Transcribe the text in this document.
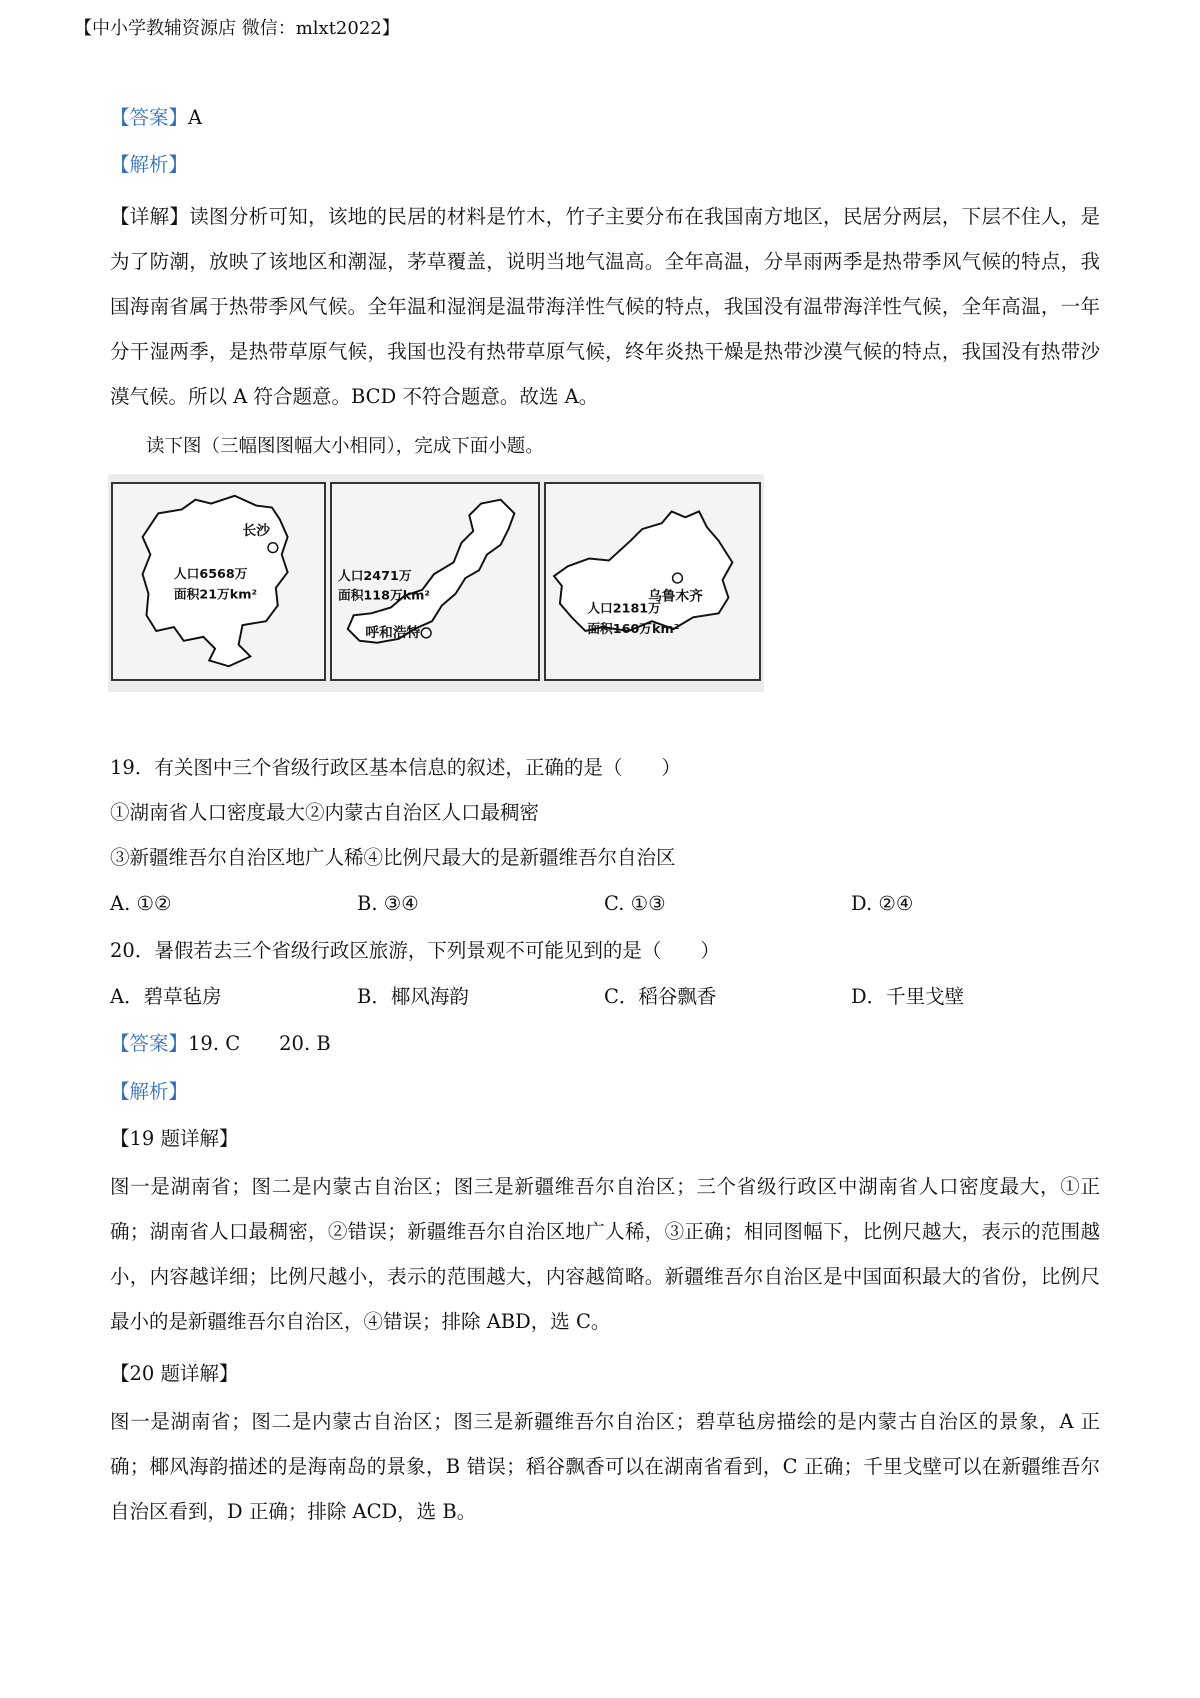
【中小学教辅资源店 微信：mlxt2022】
【答案】A
【解析】
【详解】读图分析可知，该地的民居的材料是竹木，竹子主要分布在我国南方地区，民居分两层，下层不住人，是为了防潮，放映了该地区和潮湿，茅草覆盖，说明当地气温高。全年高温，分旱雨两季是热带季风气候的特点，我国海南省属于热带季风气候。全年温和湿润是温带海洋性气候的特点，我国没有温带海洋性气候，全年高温，一年分干湿两季，是热带草原气候，我国也没有热带草原气候，终年炎热干燥是热带沙漠气候的特点，我国没有热带沙漠气候。所以 A 符合题意。BCD 不符合题意。故选 A。
读下图（三幅图图幅大小相同），完成下面小题。
长沙
人口6568万
面积21万km²
人口2471万
面积118万km²
呼和浩特
乌鲁木齐
人口2181万
面积160万km²
19．有关图中三个省级行政区基本信息的叙述，正确的是（　　）
①湖南省人口密度最大②内蒙古自治区人口最稠密
③新疆维吾尔自治区地广人稀④比例尺最大的是新疆维吾尔自治区
A. ①②	B. ③④	C. ①③	D. ②④
20．暑假若去三个省级行政区旅游，下列景观不可能见到的是（　　）
A．碧草毡房	B．椰风海韵	C．稻谷飘香	D．千里戈壁
【答案】19. C　　20. B
【解析】
【19 题详解】
图一是湖南省；图二是内蒙古自治区；图三是新疆维吾尔自治区；三个省级行政区中湖南省人口密度最大，①正确；湖南省人口最稠密，②错误；新疆维吾尔自治区地广人稀，③正确；相同图幅下，比例尺越大，表示的范围越小，内容越详细；比例尺越小，表示的范围越大，内容越简略。新疆维吾尔自治区是中国面积最大的省份，比例尺最小的是新疆维吾尔自治区，④错误；排除 ABD，选 C。
【20 题详解】
图一是湖南省；图二是内蒙古自治区；图三是新疆维吾尔自治区；碧草毡房描绘的是内蒙古自治区的景象，A 正确；椰风海韵描述的是海南岛的景象，B 错误；稻谷飘香可以在湖南省看到，C 正确；千里戈壁可以在新疆维吾尔自治区看到，D 正确；排除 ACD，选 B。
